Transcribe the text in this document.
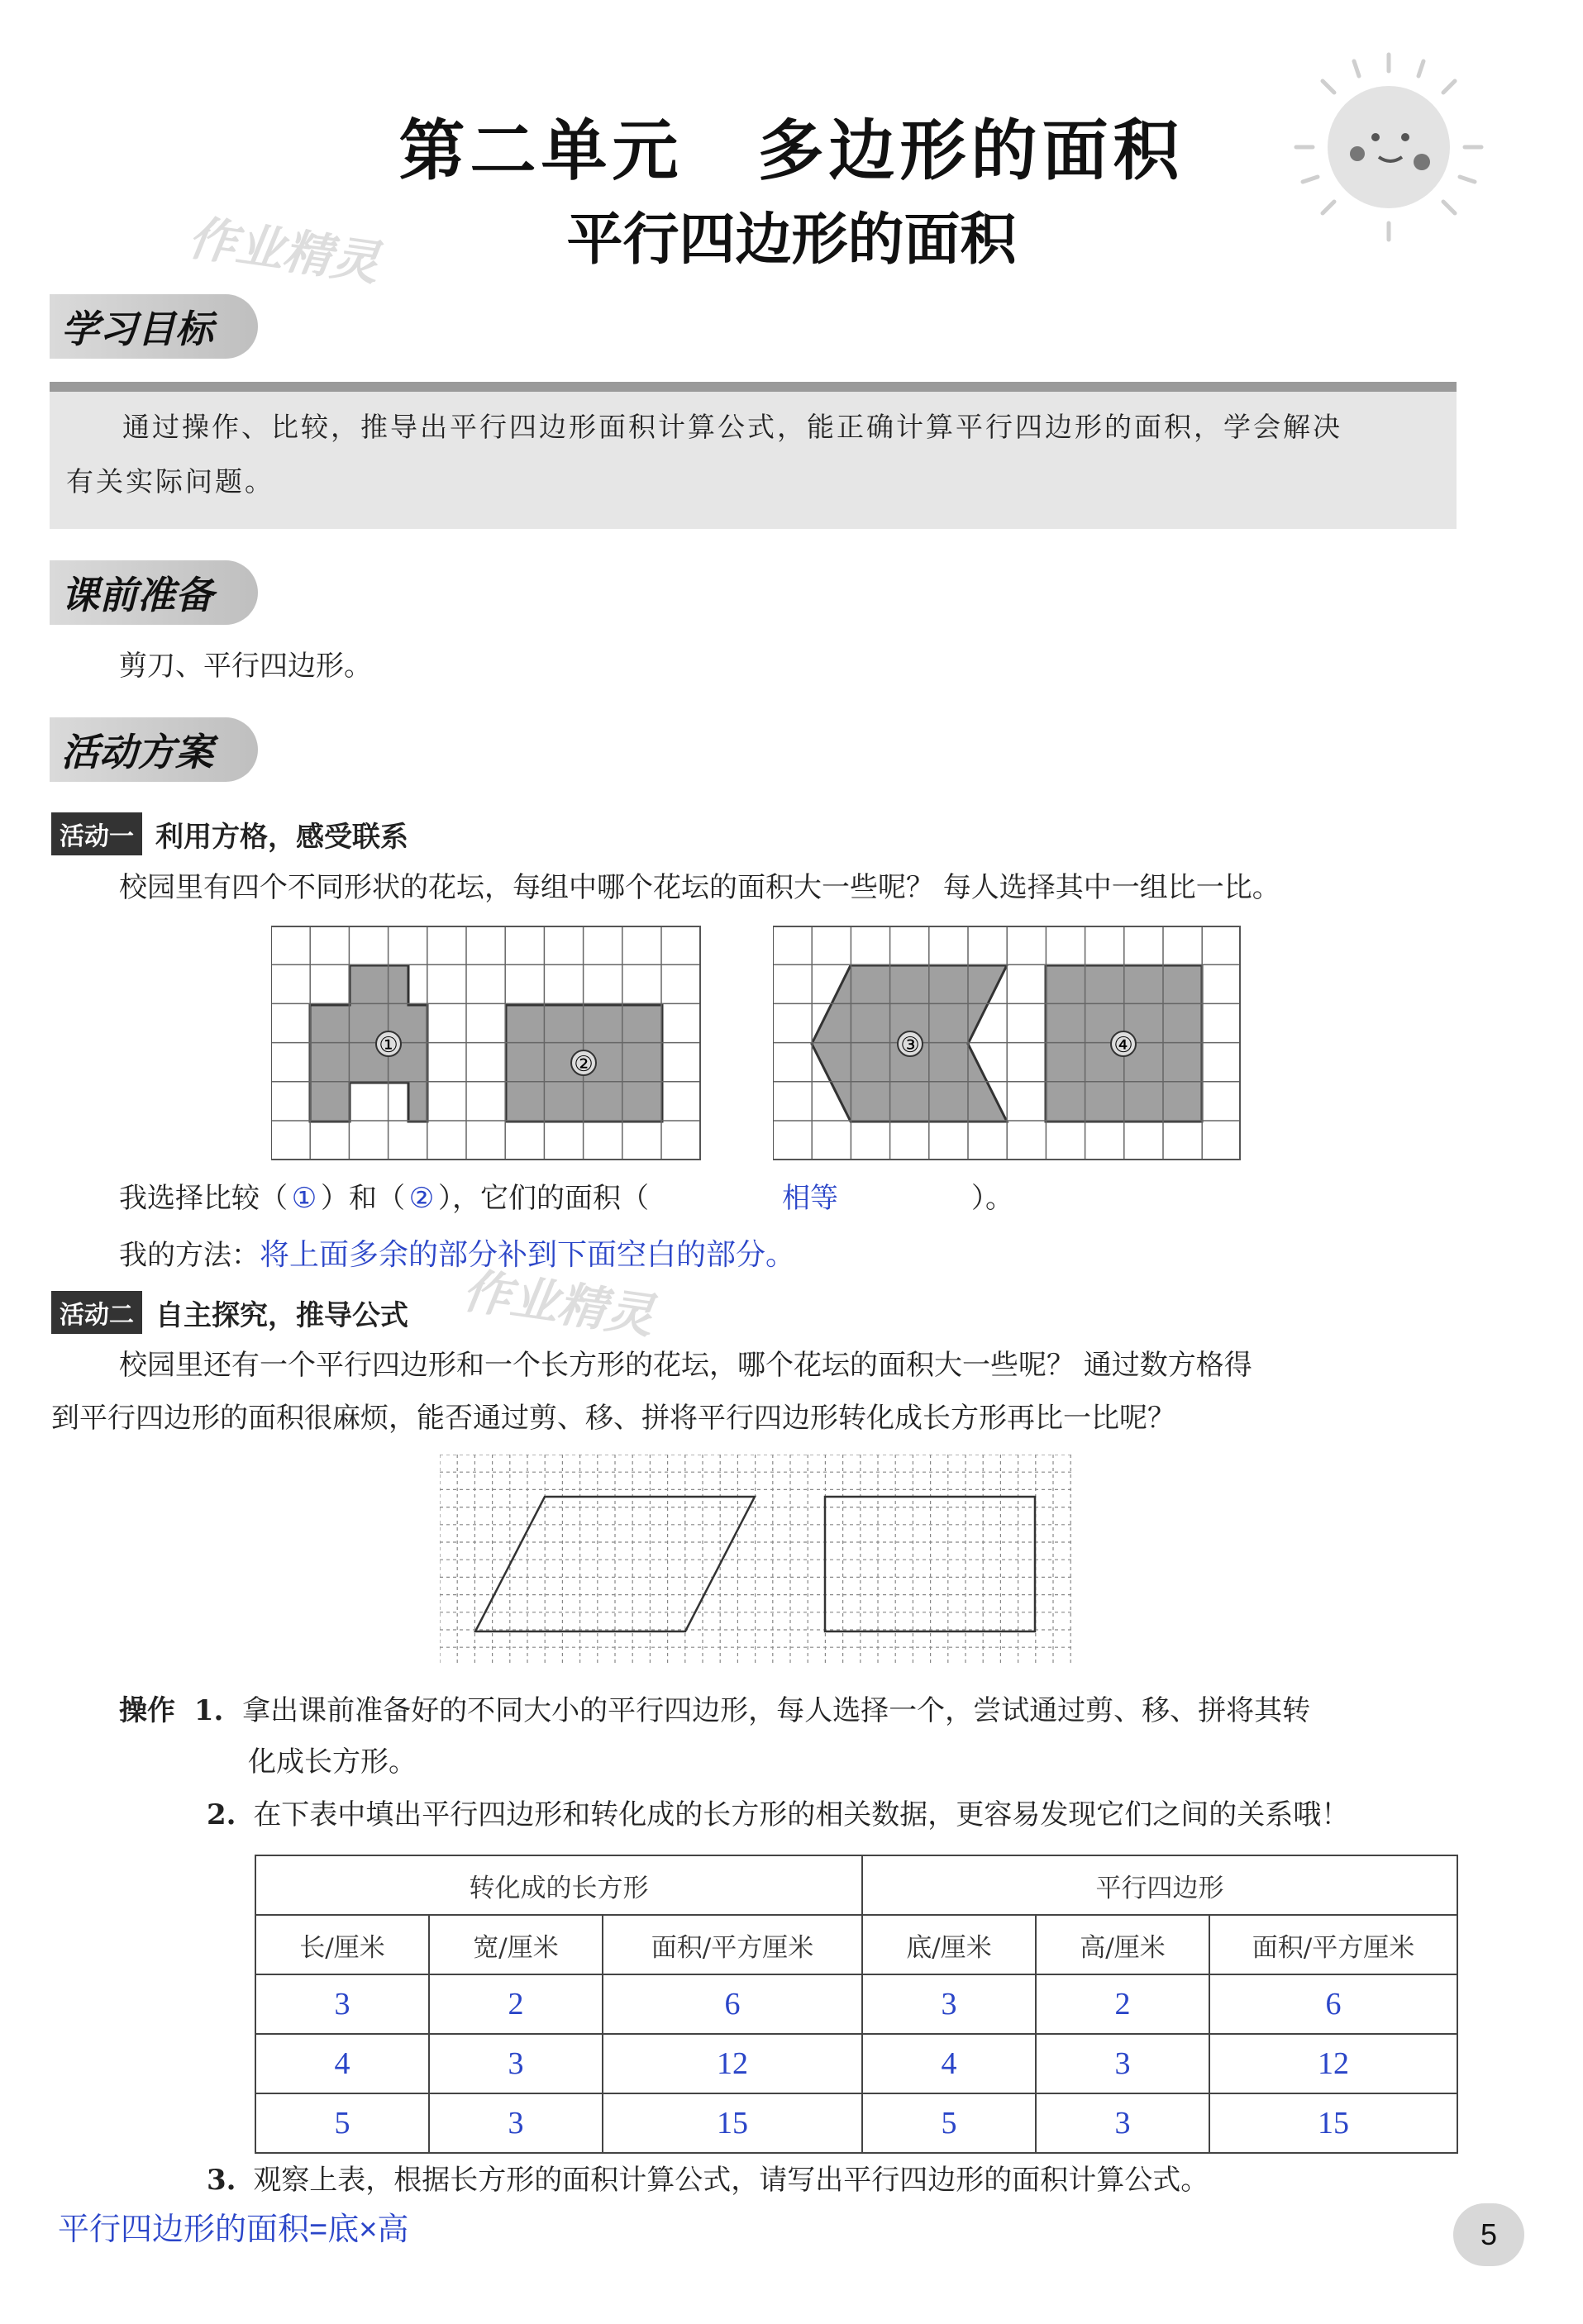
第二单元 多边形的面积
平行四边形的面积
作业精灵
学习目标
通过操作、比较，推导出平行四边形面积计算公式，能正确计算平行四边形的面积，学会解决
有关实际问题。
课前准备
剪刀、平行四边形。
活动方案
活动一 利用方格，感受联系
校园里有四个不同形状的花坛，每组中哪个花坛的面积大一些呢？ 每人选择其中一组比一比。
①
②
③	④
我选择比较（ ① ）和（ ② ），它们的面积（	相等	）。
我的方法：将上面多余的部分补到下面空白的部分。
活动二 自主探究，推导公式 作业精灵
校园里还有一个平行四边形和一个长方形的花坛，哪个花坛的面积大一些呢？ 通过数方格得
到平行四边形的面积很麻烦，能否通过剪、移、拼将平行四边形转化成长方形再比一比呢？
操作 1. 拿出课前准备好的不同大小的平行四边形，每人选择一个，尝试通过剪、移、拼将其转
化成长方形。
2. 在下表中填出平行四边形和转化成的长方形的相关数据，更容易发现它们之间的关系哦！
转化成的长方形			平行四边形		
长/厘米	宽/厘米	面积/平方厘米	底/厘米	高/厘米	面积/平方厘米
3	2	6	3	2	6
4	3	12	4	3	12
5	3	15	5	3	15
3. 观察上表，根据长方形的面积计算公式，请写出平行四边形的面积计算公式。
平行四边形的面积=底×高	5
